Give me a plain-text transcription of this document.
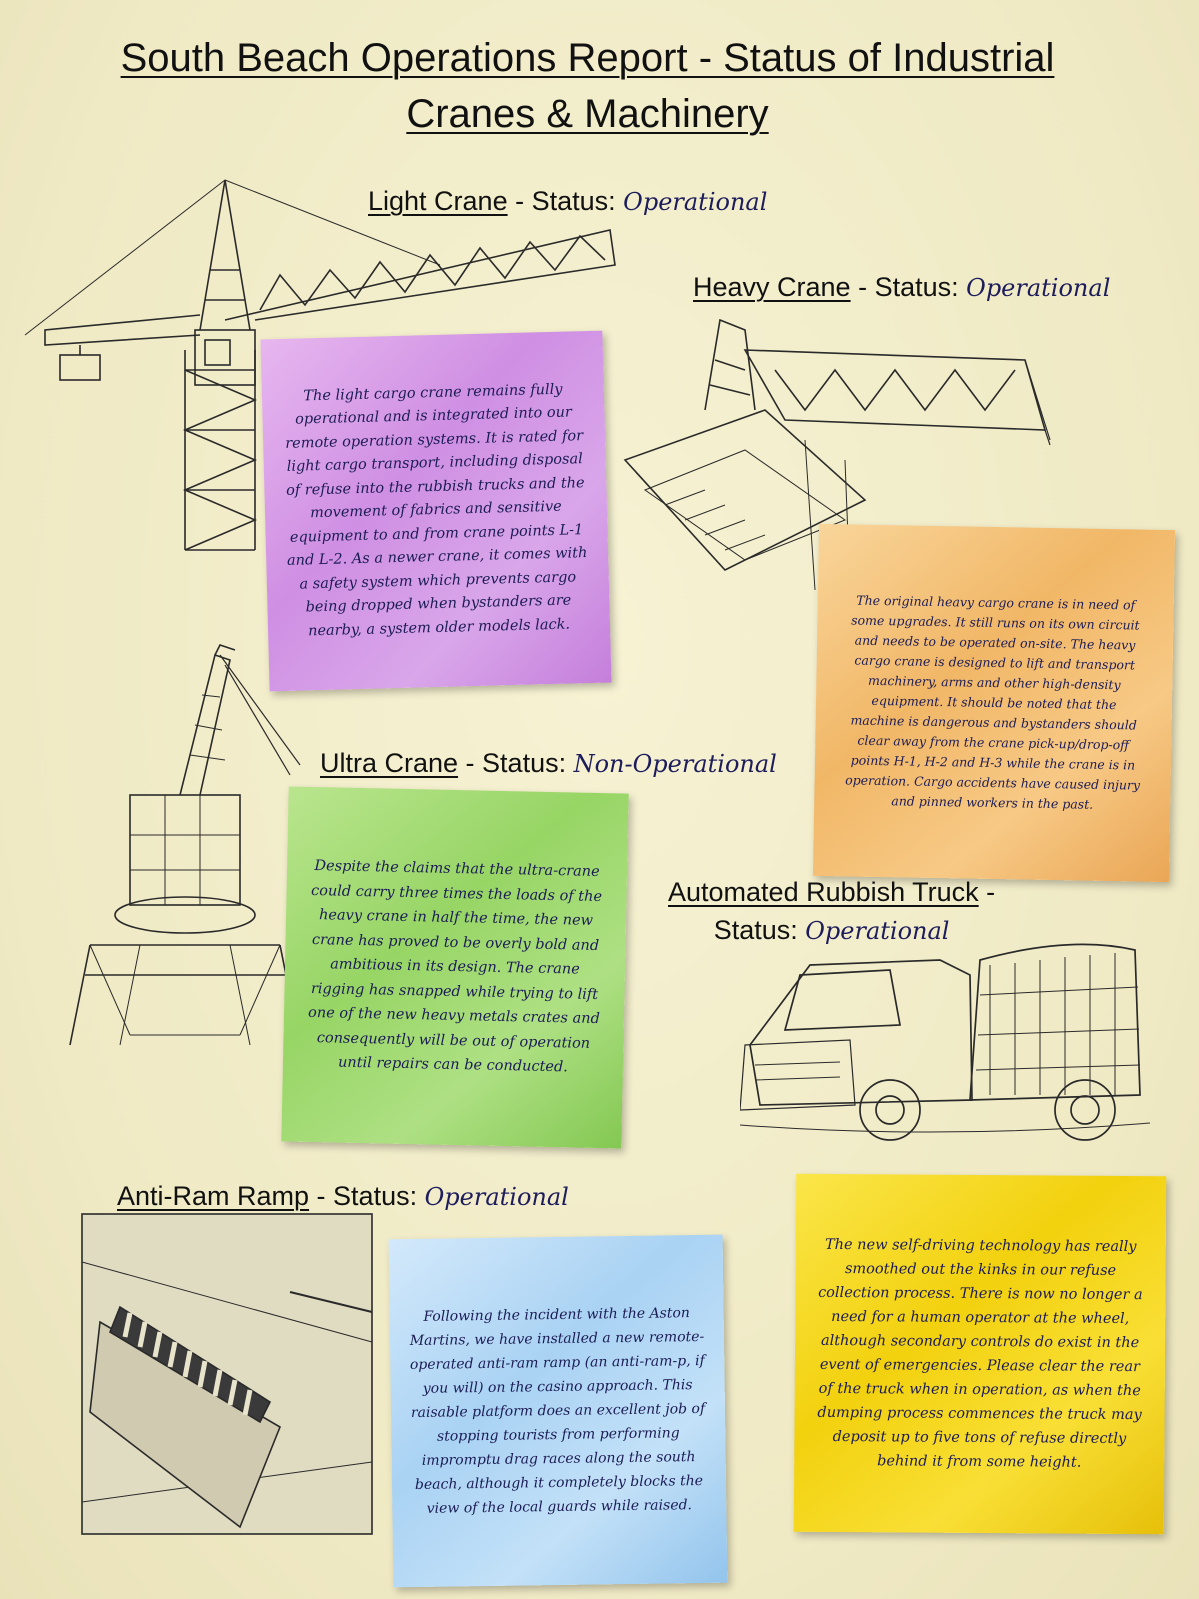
South Beach Operations Report - Status of Industrial
Cranes & Machinery
Light Crane - Status: Operational
Heavy Crane - Status: Operational
Ultra Crane - Status: Non-Operational
Automated Rubbish Truck -
Status: Operational
Anti-Ram Ramp - Status: Operational

The light cargo crane remains fully operational and is integrated into our remote operation systems. It is rated for light cargo transport, including disposal of refuse into the rubbish trucks and the movement of fabrics and sensitive equipment to and from crane points L-1 and L-2. As a newer crane, it comes with a safety system which prevents cargo being dropped when bystanders are nearby, a system older models lack.

The original heavy cargo crane is in need of some upgrades. It still runs on its own circuit and needs to be operated on-site. The heavy cargo crane is designed to lift and transport machinery, arms and other high-density equipment. It should be noted that the machine is dangerous and bystanders should clear away from the crane pick-up/drop-off points H-1, H-2 and H-3 while the crane is in operation. Cargo accidents have caused injury and pinned workers in the past.

Despite the claims that the ultra-crane could carry three times the loads of the heavy crane in half the time, the new crane has proved to be overly bold and ambitious in its design. The crane rigging has snapped while trying to lift one of the new heavy metals crates and consequently will be out of operation until repairs can be conducted.

Following the incident with the Aston Martins, we have installed a new remote-operated anti-ram ramp (an anti-ram-p, if you will) on the casino approach. This raisable platform does an excellent job of stopping tourists from performing impromptu drag races along the south beach, although it completely blocks the view of the local guards while raised.

The new self-driving technology has really smoothed out the kinks in our refuse collection process. There is now no longer a need for a human operator at the wheel, although secondary controls do exist in the event of emergencies. Please clear the rear of the truck when in operation, as when the dumping process commences the truck may deposit up to five tons of refuse directly behind it from some height.
